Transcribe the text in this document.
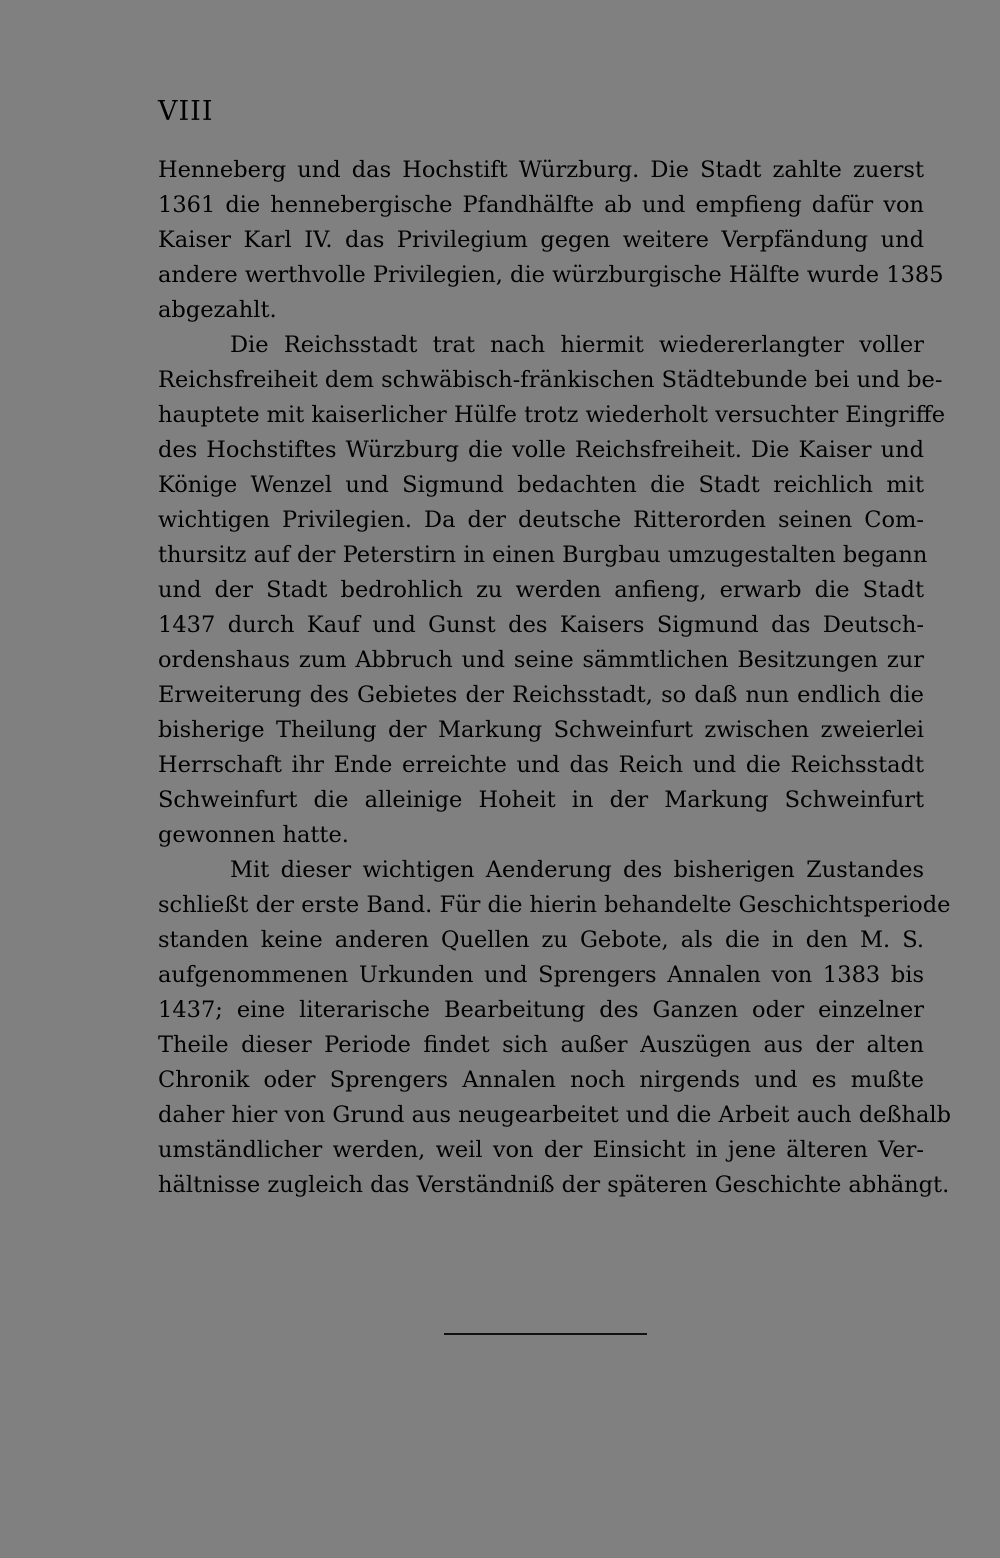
VIII
Henneberg und das Hochstift Würzburg. Die Stadt zahlte zuerst
1361 die hennebergische Pfandhälfte ab und empfieng dafür von
Kaiser Karl IV. das Privilegium gegen weitere Verpfändung und
andere werthvolle Privilegien, die würzburgische Hälfte wurde 1385
abgezahlt.
Die Reichsstadt trat nach hiermit wiedererlangter voller
Reichsfreiheit dem schwäbisch-fränkischen Städtebunde bei und be-
hauptete mit kaiserlicher Hülfe trotz wiederholt versuchter Eingriffe
des Hochstiftes Würzburg die volle Reichsfreiheit. Die Kaiser und
Könige Wenzel und Sigmund bedachten die Stadt reichlich mit
wichtigen Privilegien. Da der deutsche Ritterorden seinen Com-
thursitz auf der Peterstirn in einen Burgbau umzugestalten begann
und der Stadt bedrohlich zu werden anfieng, erwarb die Stadt
1437 durch Kauf und Gunst des Kaisers Sigmund das Deutsch-
ordenshaus zum Abbruch und seine sämmtlichen Besitzungen zur
Erweiterung des Gebietes der Reichsstadt, so daß nun endlich die
bisherige Theilung der Markung Schweinfurt zwischen zweierlei
Herrschaft ihr Ende erreichte und das Reich und die Reichsstadt
Schweinfurt die alleinige Hoheit in der Markung Schweinfurt
gewonnen hatte.
Mit dieser wichtigen Aenderung des bisherigen Zustandes
schließt der erste Band. Für die hierin behandelte Geschichtsperiode
standen keine anderen Quellen zu Gebote, als die in den M. S.
aufgenommenen Urkunden und Sprengers Annalen von 1383 bis
1437; eine literarische Bearbeitung des Ganzen oder einzelner
Theile dieser Periode findet sich außer Auszügen aus der alten
Chronik oder Sprengers Annalen noch nirgends und es mußte
daher hier von Grund aus neugearbeitet und die Arbeit auch deßhalb
umständlicher werden, weil von der Einsicht in jene älteren Ver-
hältnisse zugleich das Verständniß der späteren Geschichte abhängt.
